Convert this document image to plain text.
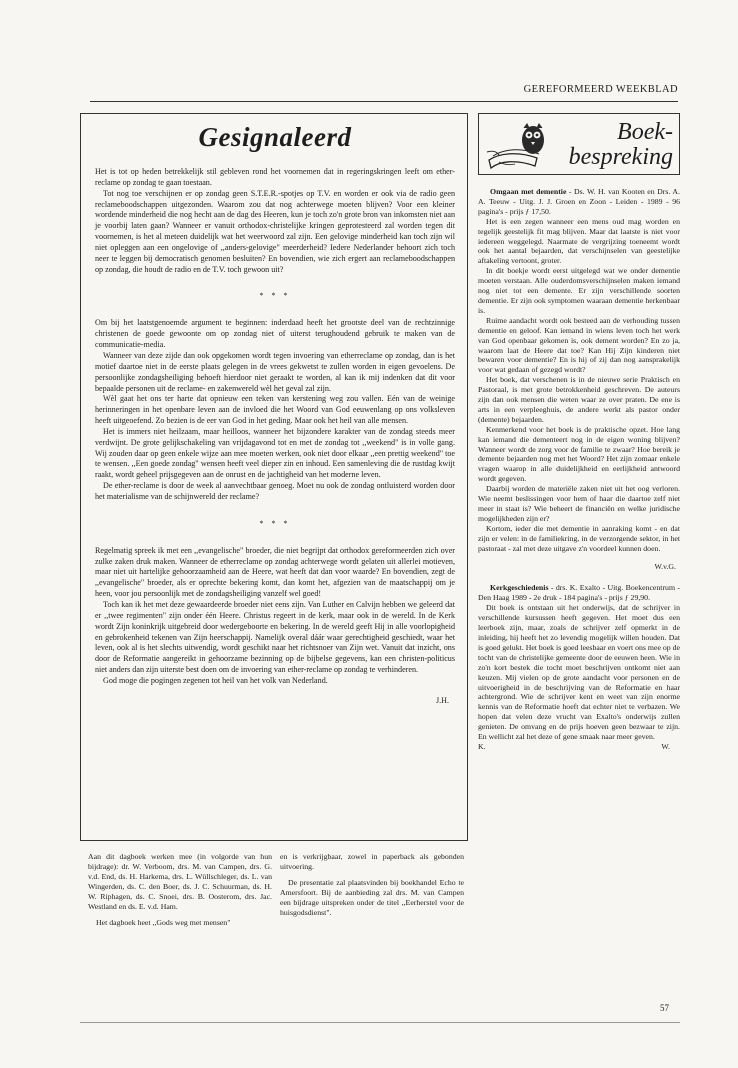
GEREFORMEERD WEEKBLAD
Gesignaleerd

Het is tot op heden betrekkelijk stil gebleven rond het voornemen dat in regeringskringen leeft om ether-reclame op zondag te gaan toestaan.

Tot nog toe verschijnen er op zondag geen S.T.E.R.-spotjes op T.V. en worden er ook via de radio geen reclameboodschappen uitgezonden. Waarom zou dat nog achterwege moeten blijven? Voor een kleiner wordende minderheid die nog hecht aan de dag des Heeren, kun je toch zo'n grote bron van inkomsten niet aan je voorbij laten gaan? Wanneer er vanuit orthodox-christelijke kringen geprotesteerd zal worden tegen dit voornemen, is het al meteen duidelijk wat het weerwoord zal zijn. Een gelovige minderheid kan toch zijn wil niet opleggen aan een ongelovige of ,,anders-gelovige" meerderheid? Iedere Nederlander behoort zich toch neer te leggen bij democratisch genomen besluiten? En bovendien, wie zich ergert aan reclameboodschappen op zondag, die houdt de radio en de T.V. toch gewoon uit?

* * *

Om bij het laatstgenoemde argument te beginnen: inderdaad heeft het grootste deel van de rechtzinnige christenen de goede gewoonte om op zondag niet of uiterst terughoudend gebruik te maken van de communicatie-media.

Wanneer van deze zijde dan ook opgekomen wordt tegen invoering van etherreclame op zondag, dan is het motief daartoe niet in de eerste plaats gelegen in de vrees gekwetst te zullen worden in eigen gevoelens. De persoonlijke zondagsheiliging behoeft hierdoor niet geraakt te worden, al kan ik mij indenken dat dit voor bepaalde personen uit de reclame- en zakenwereld wèl het geval zal zijn.

Wèl gaat het ons ter harte dat opnieuw een teken van kerstening weg zou vallen. Eén van de weinige herinneringen in het openbare leven aan de invloed die het Woord van God eeuwenlang op ons volksleven heeft uitgeoefend. Zo bezien is de eer van God in het geding. Maar ook het heil van alle mensen.

Het is immers niet heilzaam, maar heilloos, wanneer het bijzondere karakter van de zondag steeds meer verdwijnt. De grote gelijkschakeling van vrijdagavond tot en met de zondag tot ,,weekend" is in volle gang. Wij zouden daar op geen enkele wijze aan mee moeten werken, ook niet door elkaar ,,een prettig weekend" toe te wensen. ,,Een goede zondag" wensen heeft veel dieper zin en inhoud. Een samenleving die de rustdag kwijt raakt, wordt geheel prijsgegeven aan de onrust en de jachtigheid van het moderne leven.

De ether-reclame is door de week al aanvechtbaar genoeg. Moet nu ook de zondag ontluisterd worden door het materialisme van de schijnwereld der reclame?

* * *

Regelmatig spreek ik met een ,,evangelische" broeder, die niet begrijpt dat orthodox gereformeerden zich over zulke zaken druk maken. Wanneer de etherreclame op zondag achterwege wordt gelaten uit allerlei motieven, maar niet uit hartelijke gehoorzaamheid aan de Heere, wat heeft dat dan voor waarde? En bovendien, zegt de ,,evangelische" broeder, als er oprechte bekering komt, dan komt het, afgezien van de maatschappij om je heen, voor jou persoonlijk met de zondagsheiliging vanzelf wel goed!

Toch kan ik het met deze gewaardeerde broeder niet eens zijn. Van Luther en Calvijn hebben we geleerd dat er ,,twee regimenten" zijn onder één Heere. Christus regeert in de kerk, maar ook in de wereld. In de Kerk wordt Zijn koninkrijk uitgebreid door wedergeboorte en bekering. In de wereld geeft Hij in alle voorlopigheid en gebrokenheid tekenen van Zijn heerschappij. Namelijk overal dáár waar gerechtigheid geschiedt, waar het leven, ook al is het slechts uitwendig, wordt geschikt naar het richtsnoer van Zijn wet. Vanuit dat inzicht, ons door de Reformatie aangereikt in gehoorzame bezinning op de bijbelse gegevens, kan een christen-politicus niet anders dan zijn uiterste best doen om de invoering van ether-reclame op zondag te verhinderen.

God moge die pogingen zegenen tot heil van het volk van Nederland.

J.H.

Aan dit dagboek werken mee (in volgorde van hun bijdrage): dr. W. Verboom, drs. M. van Campen, drs. G. v.d. End, ds. H. Harkema, drs. L. Wüllschleger, ds. L. van Wingerden, ds. C. den Boer, ds. J. C. Schuurman, ds. H. W. Riphagen, ds. C. Snoei, drs. B. Oosterom, drs. Jac. Westland en ds. E. v.d. Ham.

Het dagboek heet ,,Gods weg met mensen"

en is verkrijgbaar, zowel in paperback als gebonden uitvoering.

De presentatie zal plaatsvinden bij boekhandel Echo te Amersfoort. Bij de aanbieding zal drs. M. van Campen een bijdrage uitspreken onder de titel ,,Eerherstel voor de huisgodsdienst".

Boek-
bespreking

Omgaan met dementie - Ds. W. H. van Kooten en Drs. A. A. Teeuw - Uitg. J. J. Groen en Zoon - Leiden - 1989 - 96 pagina's - prijs ƒ 17,50.

Het is een zegen wanneer een mens oud mag worden en tegelijk geestelijk fit mag blijven. Maar dat laatste is niet voor iedereen weggelegd. Naarmate de vergrijzing toeneemt wordt ook het aantal bejaarden, dat verschijnselen van geestelijke aftakeling vertoont, groter.

In dit boekje wordt eerst uitgelegd wat we onder dementie moeten verstaan. Alle ouderdomsverschijnselen maken iemand nog niet tot een demente. Er zijn verschillende soorten dementie. Er zijn ook symptomen waaraan dementie herkenbaar is.

Ruime aandacht wordt ook besteed aan de verhouding tussen dementie en geloof. Kan iemand in wiens leven toch het werk van God openbaar gekomen is, ook dement worden? En zo ja, waarom laat de Heere dat toe? Kan Hij Zijn kinderen niet bewaren voor dementie? En is hij of zij dan nog aansprakelijk voor wat gedaan of gezegd wordt?

Het boek, dat verschenen is in de nieuwe serie Praktisch en Pastoraal, is met grote betrokkenheid geschreven. De auteurs zijn dan ook mensen die weten waar ze over praten. De ene is arts in een verpleeghuis, de andere werkt als pastor onder (demente) bejaarden.

Kenmerkend voor het boek is de praktische opzet. Hoe lang kan iemand die dementeert nog in de eigen woning blijven? Wanneer wordt de zorg voor de familie te zwaar? Hoe bereik je demente bejaarden nog met het Woord? Het zijn zomaar enkele vragen waarop in alle duidelijkheid en eerlijkheid antwoord wordt gegeven.

Daarbij worden de materiële zaken niet uit het oog verloren. Wie neemt beslissingen voor hem of haar die daartoe zelf niet meer in staat is? Wie beheert de financiën en welke juridische mogelijkheden zijn er?

Kortom, ieder die met dementie in aanraking komt - en dat zijn er velen: in de familiekring, in de verzorgende sektor, in het pastoraat - zal met deze uitgave z'n voordeel kunnen doen.

W.v.G.

Kerkgeschiedenis - drs. K. Exalto - Uitg. Boekencentrum - Den Haag 1989 - 2e druk - 184 pagina's - prijs ƒ 29,90.

Dit boek is ontstaan uit het onderwijs, dat de schrijver in verschillende kursussen heeft gegeven. Het moet dus een leerboek zijn, maar, zoals de schrijver zelf opmerkt in de inleiding, hij heeft het zo levendig mogelijk willen houden. Dat is goed gelukt. Het boek is goed leesbaar en voert ons mee op de tocht van de christelijke gemeente door de eeuwen heen. Wie in zo'n kort bestek die tocht moet beschrijven ontkomt niet aan keuzen. Mij vielen op de grote aandacht voor personen en de uitvoerigheid in de beschrijving van de Reformatie en haar achtergrond. Wie de schrijver kent en weet van zijn enorme kennis van de Reformatie hoeft dat echter niet te verbazen. We hopen dat velen deze vrucht van Exalto's onderwijs zullen genieten. De omvang en de prijs hoeven geen bezwaar te zijn. En wellicht zal het deze of gene smaak naar meer geven.

K.	W.

57
